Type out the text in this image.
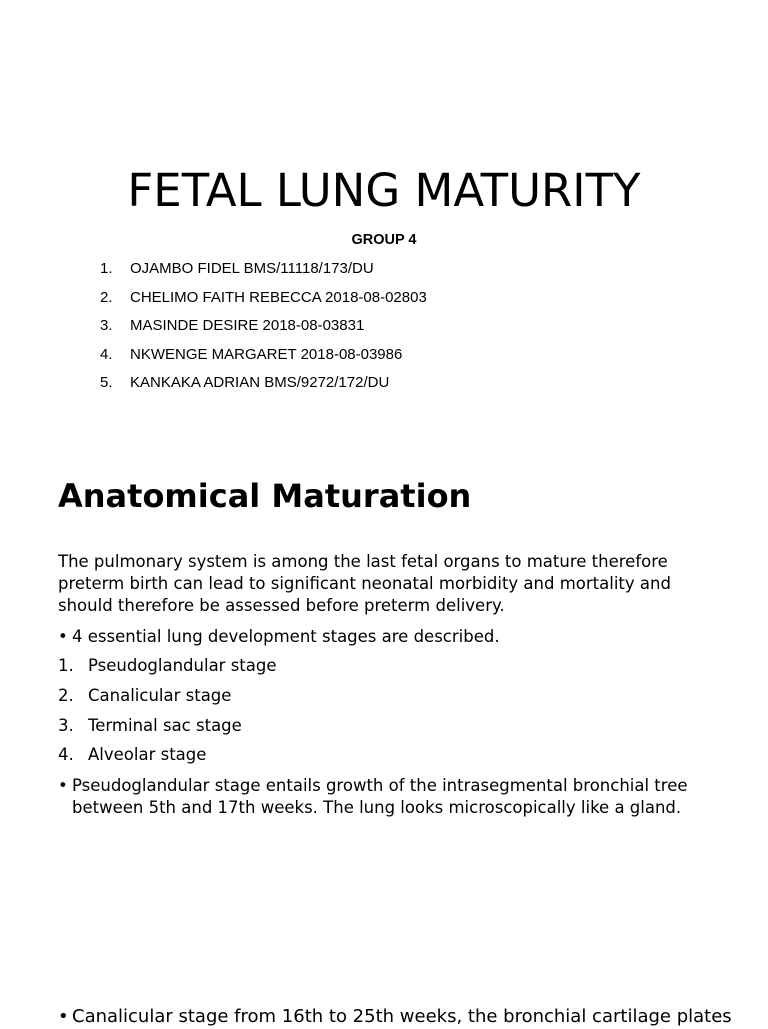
FETAL LUNG MATURITY
GROUP 4
1.	OJAMBO FIDEL BMS/11118/173/DU
2.	CHELIMO FAITH REBECCA 2018-08-02803
3.	MASINDE DESIRE 2018-08-03831
4.	NKWENGE MARGARET 2018-08-03986
5.	KANKAKA ADRIAN BMS/9272/172/DU
Anatomical Maturation

The pulmonary system is among the last fetal organs to mature therefore preterm birth can lead to significant neonatal morbidity and mortality and should therefore be assessed before preterm delivery.

• 4 essential lung development stages are described.
1. Pseudoglandular stage
2. Canalicular stage
3. Terminal sac stage
4. Alveolar stage
• Pseudoglandular stage entails growth of the intrasegmental bronchial tree between 5th and 17th weeks. The lung looks microscopically like a gland.
• Canalicular stage from 16th to 25th weeks, the bronchial cartilage plates
